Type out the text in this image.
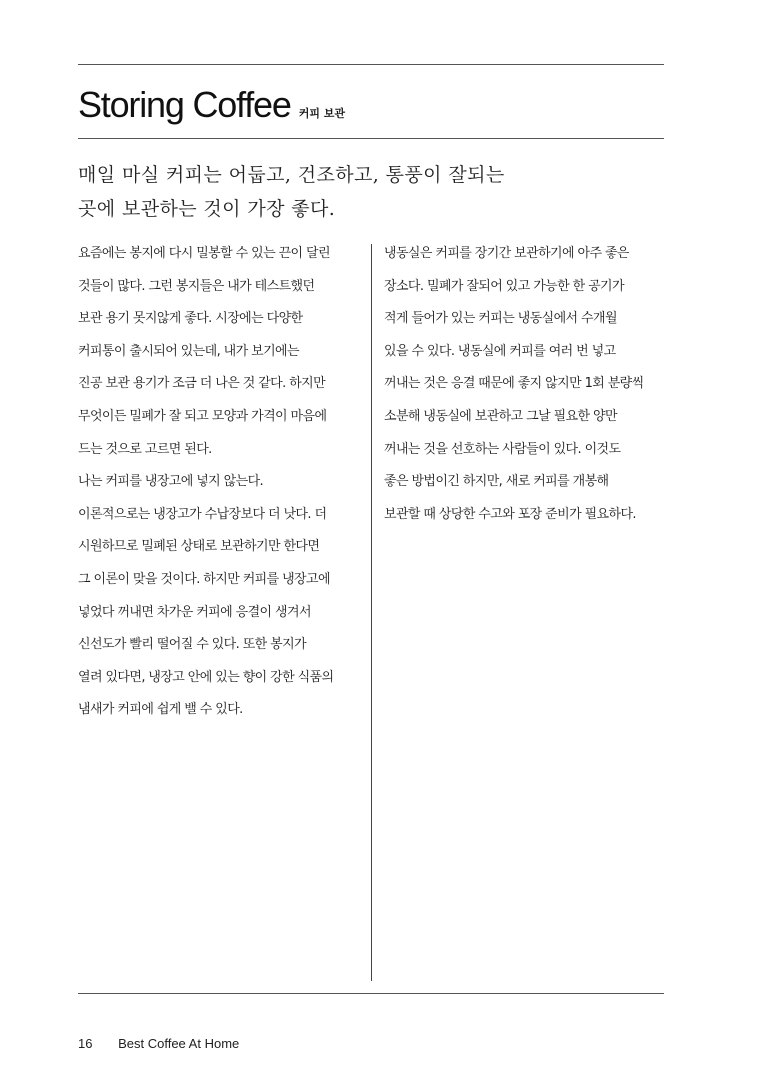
Storing Coffee 커피 보관

매일 마실 커피는 어둡고, 건조하고, 통풍이 잘되는
곳에 보관하는 것이 가장 좋다.

요즘에는 봉지에 다시 밀봉할 수 있는 끈이 달린
것들이 많다. 그런 봉지들은 내가 테스트했던
보관 용기 못지않게 좋다. 시장에는 다양한
커피통이 출시되어 있는데, 내가 보기에는
진공 보관 용기가 조금 더 나은 것 같다. 하지만
무엇이든 밀폐가 잘 되고 모양과 가격이 마음에
드는 것으로 고르면 된다.

나는 커피를 냉장고에 넣지 않는다.
이론적으로는 냉장고가 수납장보다 더 낫다. 더
시원하므로 밀폐된 상태로 보관하기만 한다면
그 이론이 맞을 것이다. 하지만 커피를 냉장고에
넣었다 꺼내면 차가운 커피에 응결이 생겨서
신선도가 빨리 떨어질 수 있다. 또한 봉지가
열려 있다면, 냉장고 안에 있는 향이 강한 식품의
냄새가 커피에 쉽게 밸 수 있다.

냉동실은 커피를 장기간 보관하기에 아주 좋은
장소다. 밀폐가 잘되어 있고 가능한 한 공기가
적게 들어가 있는 커피는 냉동실에서 수개월
있을 수 있다. 냉동실에 커피를 여러 번 넣고
꺼내는 것은 응결 때문에 좋지 않지만 1회 분량씩
소분해 냉동실에 보관하고 그날 필요한 양만
꺼내는 것을 선호하는 사람들이 있다. 이것도
좋은 방법이긴 하지만, 새로 커피를 개봉해
보관할 때 상당한 수고와 포장 준비가 필요하다.

16 Best Coffee At Home
